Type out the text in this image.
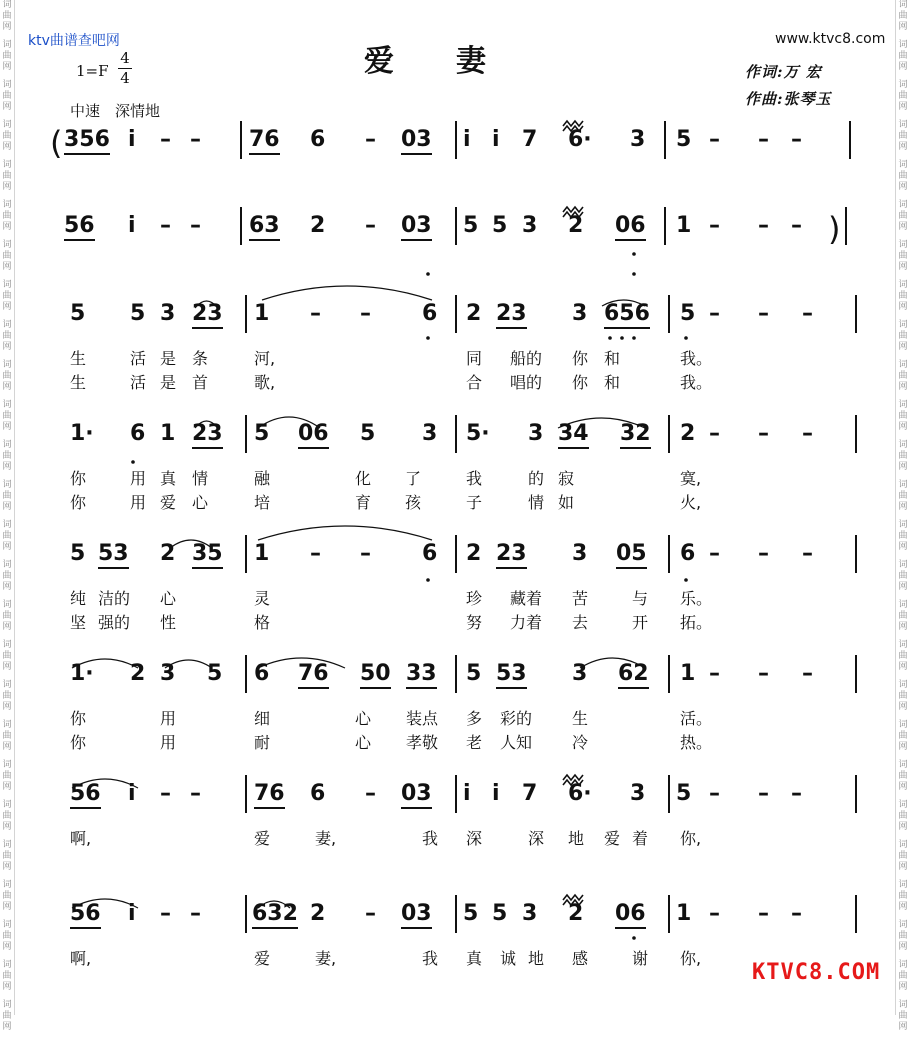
词曲网
词曲网
词曲网
词曲网
词曲网
词曲网
词曲网
词曲网
词曲网
词曲网
词曲网
词曲网
词曲网
词曲网
词曲网
词曲网
词曲网
词曲网
词曲网
词曲网
词曲网
词曲网
词曲网
词曲网
词曲网
词曲网
词曲网
词曲网
词曲网
词曲网
词曲网
词曲网
词曲网
词曲网
词曲网
词曲网
词曲网
词曲网
词曲网
词曲网
词曲网
词曲网
词曲网
词曲网
词曲网
词曲网
词曲网
词曲网
词曲网
词曲网
词曲网
词曲网
ktv曲谱查吧网	www.ktvc8.com
爱妻
1=F
4
4
中速　深情地
作词:万 宏
作曲:张琴玉
356 i – – 76 6 – 03 i i 7 6· 3 5 – – –
56 i – – 63 2 – 03 5 5 3 2 06 1 – – –
5 5 3 23 1 – – 6 2 23 3 656 5 – – –
生	活 是 条	河,	同 船的 你 和	我。
生	活 是 首	歌,	合 唱的 你 和	我。
1· 6 1 23 5 06 5 3 5· 3 34 32 2 – – –
你	用 真 情	融	化 了	我	的 寂	寞,
你	用 爱 心	培	育 孩	子	情 如	火,
5 53 2 35 1 – – 6 2 23 3 05 6 – – –
纯 洁的 心	灵	珍 藏着 苦	与 乐。
坚 强的 性	格	努 力着 去	开 拓。
1· 2 3 5 6 76 50 33 5 53 3 62 1 – – –
你	用	细	心 装点 多 彩的 生	活。
你	用	耐	心 孝敬 老 人知 冷	热。
56 i – – 76 6 – 03 i i 7 6· 3 5 – – –
啊,	爱	妻,	我 深	深 地 爱 着 你,
56 i – – 632 2 – 03 5 5 3 2 06 1 – – –
啊,	爱	妻,	我 真 诚 地 感	谢 你,
(
)
KTVC8.COM
